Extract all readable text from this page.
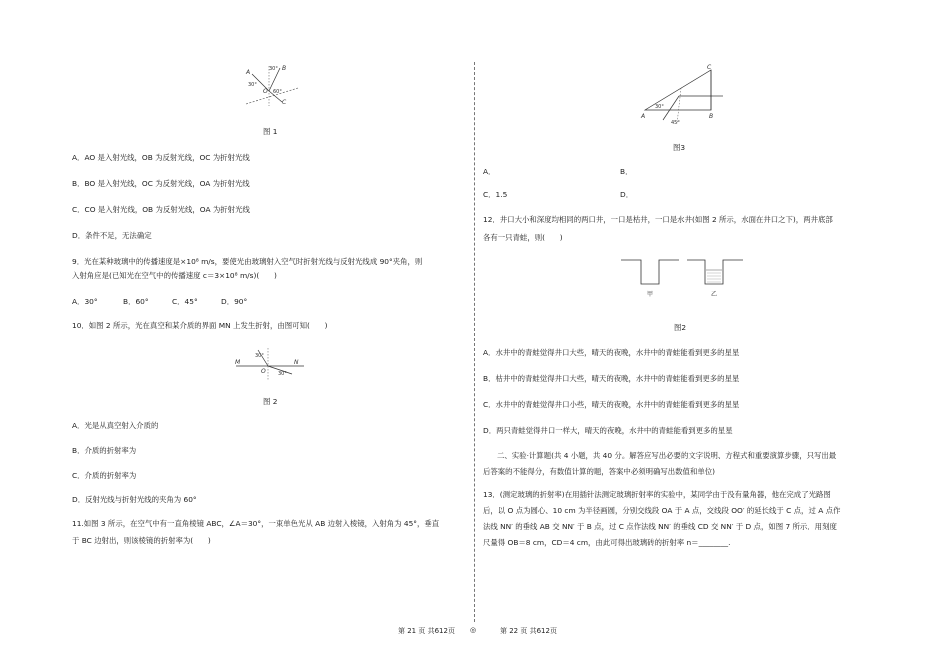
A
B
C
O
30°
30°
60°
图 1
A．AO 是入射光线，OB 为反射光线，OC 为折射光线
B．BO 是入射光线，OC 为反射光线，OA 为折射光线
C．CO 是入射光线，OB 为反射光线，OA 为折射光线
D．条件不足，无法确定
9．光在某种玻璃中的传播速度是×10⁸ m/s，要使光由玻璃射入空气时折射光线与反射光线成 90°夹角，则
入射角应是(已知光在空气中的传播速度 c＝3×10⁸ m/s)(　　)
A．30°	B．60°	C．45°	D．90°
10．如图 2 所示，光在真空和某介质的界面 MN 上发生折射，由图可知(　　)
M	N
O
30°
30°
图 2
A．光是从真空射入介质的
B．介质的折射率为
C．介质的折射率为
D．反射光线与折射光线的夹角为 60°
11.如图 3 所示，在空气中有一直角棱镜 ABC，∠A＝30°，一束单色光从 AB 边射入棱镜，入射角为 45°，垂直
于 BC 边射出，则该棱镜的折射率为(　　)
第 21 页 共612页 ◎
A	B
C
30°
45°
图3
A．	B．
C．1.5	D．
12．井口大小和深度均相同的两口井，一口是枯井，一口是水井(如图 2 所示，水面在井口之下)，两井底部
各有一只青蛙，则(　　)
甲	乙
图2
A．水井中的青蛙觉得井口大些，晴天的夜晚，水井中的青蛙能看到更多的星星
B．枯井中的青蛙觉得井口大些，晴天的夜晚，水井中的青蛙能看到更多的星星
C．水井中的青蛙觉得井口小些，晴天的夜晚，水井中的青蛙能看到更多的星星
D．两只青蛙觉得井口一样大，晴天的夜晚，水井中的青蛙能看到更多的星星
二、实验·计算题(共 4 小题，共 40 分。解答应写出必要的文字说明、方程式和重要演算步骤，只写出最
后答案的不能得分，有数值计算的题，答案中必须明确写出数值和单位)
13．(测定玻璃的折射率)在用插针法测定玻璃折射率的实验中，某同学由于没有量角器，他在完成了光路图
后，以 O 点为圆心、10 cm 为半径画圆，分别交线段 OA 于 A 点，交线段 OO′ 的延长线于 C 点，过 A 点作
法线 NN′ 的垂线 AB 交 NN′ 于 B 点，过 C 点作法线 NN′ 的垂线 CD 交 NN′ 于 D 点，如图 7 所示．用刻度
尺量得 OB＝8 cm，CD＝4 cm，由此可得出玻璃砖的折射率 n＝________.
第 22 页 共612页
